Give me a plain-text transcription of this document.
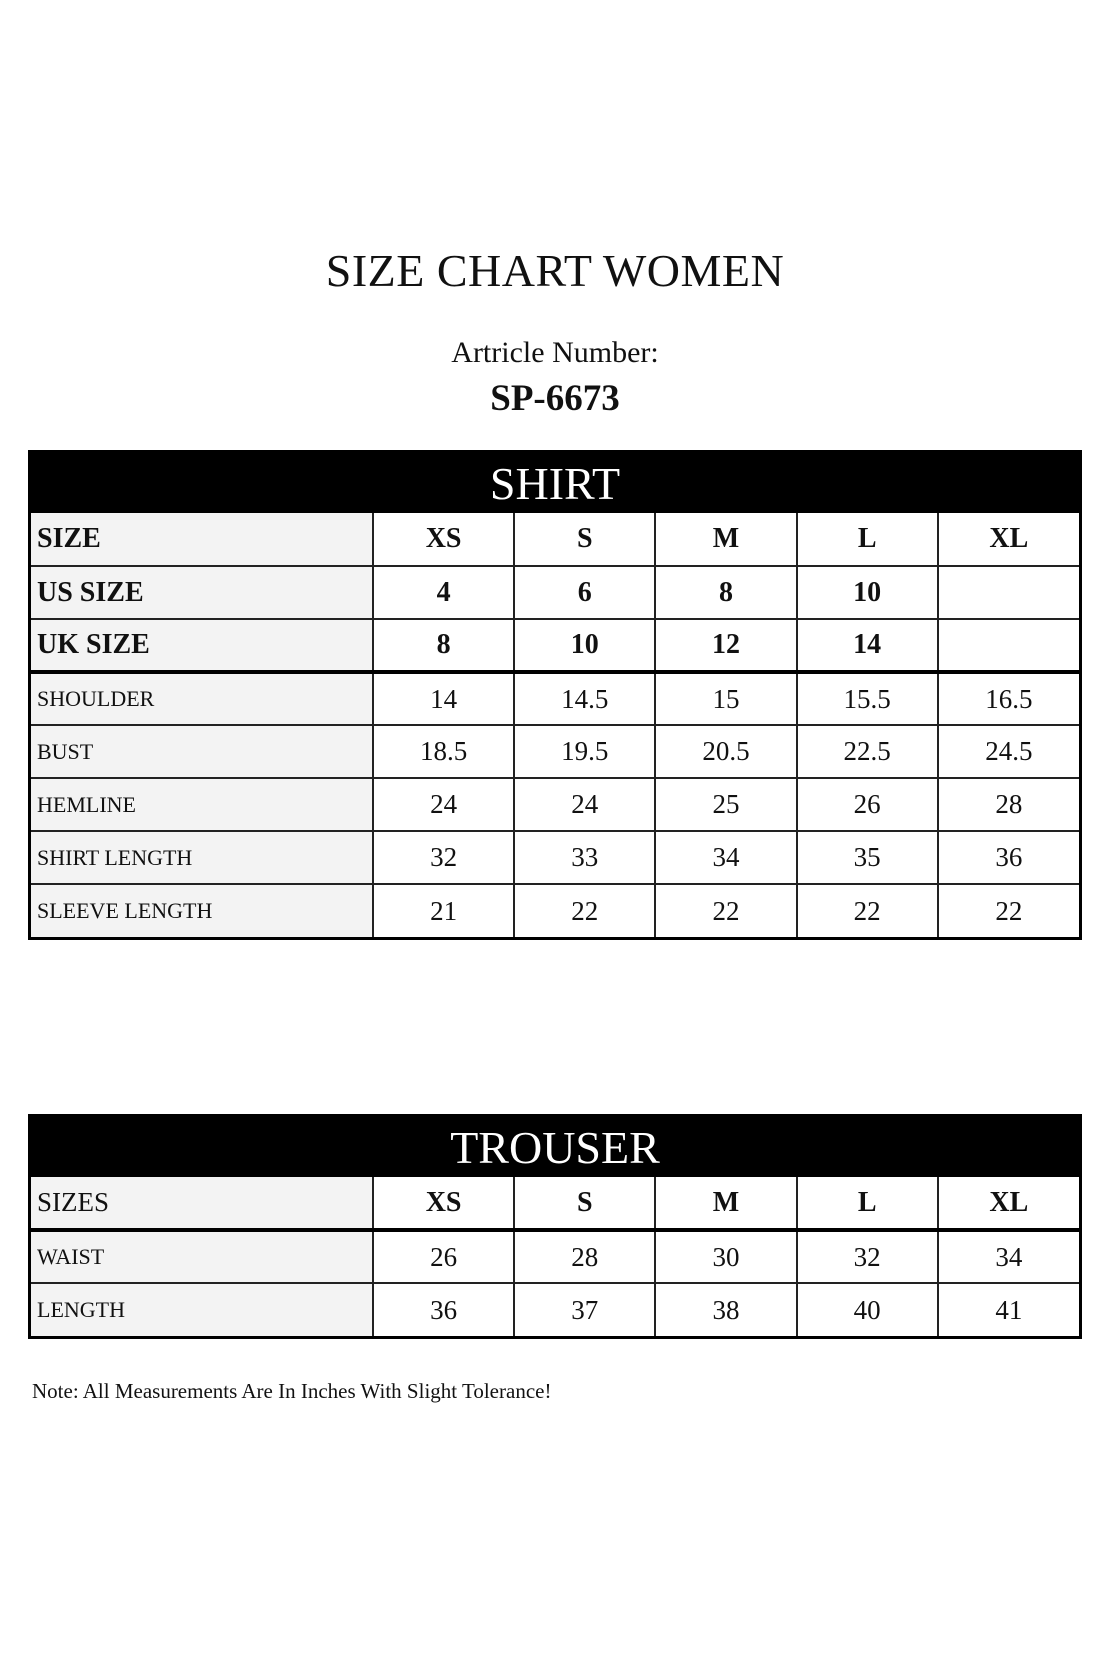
SIZE CHART WOMEN
Artricle Number:
SP-6673
SHIRT
SIZE	XS	S	M	L	XL
US SIZE	4	6	8	10	
UK SIZE	8	10	12	14	
SHOULDER	14	14.5	15	15.5	16.5
BUST	18.5	19.5	20.5	22.5	24.5
HEMLINE	24	24	25	26	28
SHIRT LENGTH	32	33	34	35	36
SLEEVE LENGTH	21	22	22	22	22
TROUSER
SIZES	XS	S	M	L	XL
WAIST	26	28	30	32	34
LENGTH	36	37	38	40	41
Note: All Measurements Are In Inches With Slight Tolerance!
